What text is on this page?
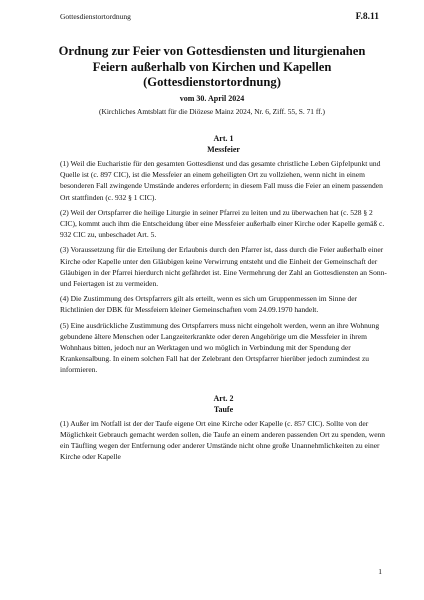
Gottesdienstortordnung	F.8.11
Ordnung zur Feier von Gottesdiensten und liturgienahen
Feiern außerhalb von Kirchen und Kapellen
(Gottesdienstortordnung)
vom 30. April 2024
(Kirchliches Amtsblatt für die Diözese Mainz 2024, Nr. 6, Ziff. 55, S. 71 ff.)
Art. 1
Messfeier

(1) Weil die Eucharistie für den gesamten Gottesdienst und das gesamte christliche Leben Gipfelpunkt und Quelle ist (c. 897 CIC), ist die Messfeier an einem geheiligten Ort zu vollziehen, wenn nicht in einem besonderen Fall zwingende Umstände anderes erfordern; in diesem Fall muss die Feier an einem passenden Ort stattfinden (c. 932 § 1 CIC).

(2) Weil der Ortspfarrer die heilige Liturgie in seiner Pfarrei zu leiten und zu überwachen hat (c. 528 § 2 CIC), kommt auch ihm die Entscheidung über eine Messfeier außerhalb einer Kirche oder Kapelle gemäß c. 932 CIC zu, unbeschadet Art. 5.

(3) Voraussetzung für die Erteilung der Erlaubnis durch den Pfarrer ist, dass durch die Feier außerhalb einer Kirche oder Kapelle unter den Gläubigen keine Verwirrung entsteht und die Einheit der Gemeinschaft der Gläubigen in der Pfarrei hierdurch nicht gefährdet ist. Eine Vermehrung der Zahl an Gottesdiensten an Sonn- und Feiertagen ist zu vermeiden.

(4) Die Zustimmung des Ortspfarrers gilt als erteilt, wenn es sich um Gruppenmessen im Sinne der Richtlinien der DBK für Messfeiern kleiner Gemeinschaften vom 24.09.1970 handelt.

(5) Eine ausdrückliche Zustimmung des Ortspfarrers muss nicht eingeholt werden, wenn an ihre Wohnung gebundene ältere Menschen oder Langzeiterkrankte oder deren Angehörige um die Messfeier in ihrem Wohnhaus bitten, jedoch nur an Werktagen und wo möglich in Verbindung mit der Spendung der Krankensalbung. In einem solchen Fall hat der Zelebrant den Ortspfarrer hierüber jedoch zumindest zu informieren.

Art. 2
Taufe

(1) Außer im Notfall ist der der Taufe eigene Ort eine Kirche oder Kapelle (c. 857 CIC). Sollte von der Möglichkeit Gebrauch gemacht werden sollen, die Taufe an einem anderen passenden Ort zu spenden, wenn ein Täufling wegen der Entfernung oder anderer Umstände nicht ohne große Unannehmlichkeiten zu einer Kirche oder Kapelle

1
